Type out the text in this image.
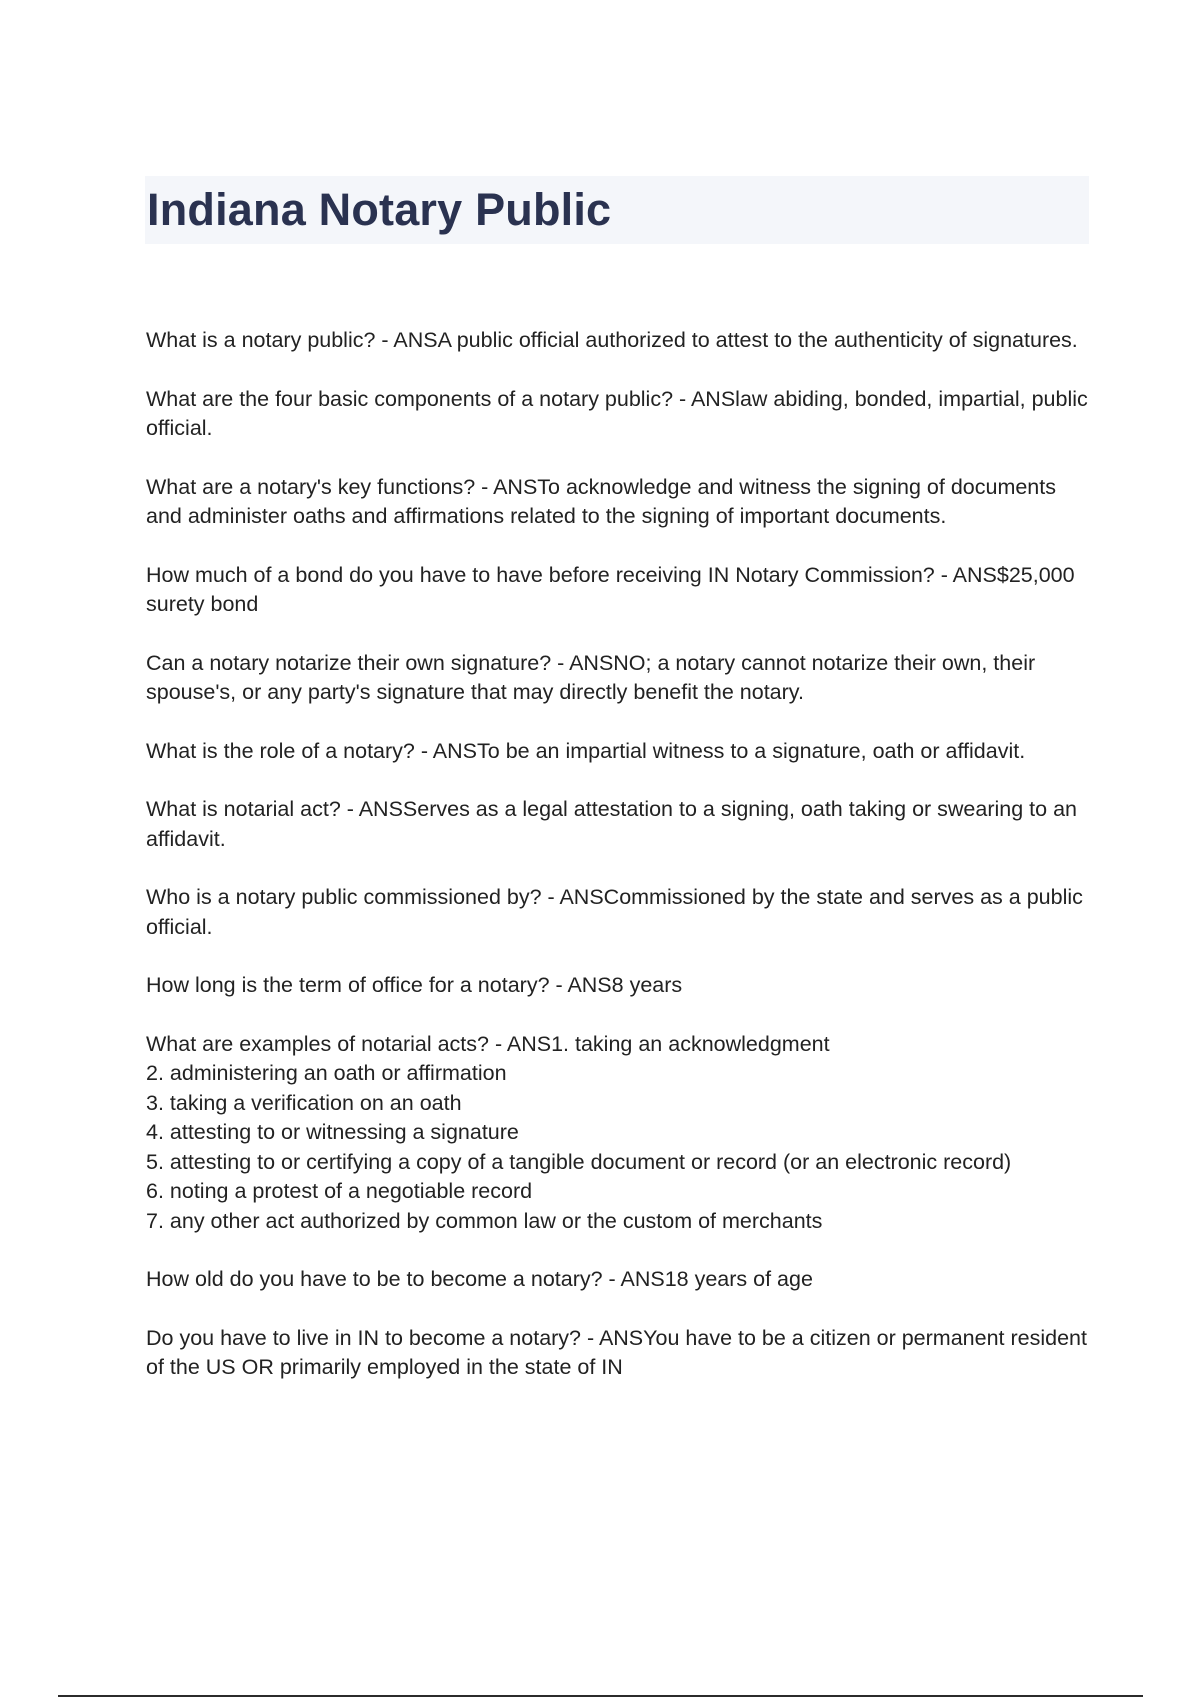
Indiana Notary Public
What is a notary public? - ANSA public official authorized to attest to the authenticity of signatures.
What are the four basic components of a notary public? - ANSlaw abiding, bonded, impartial, public official.
What are a notary's key functions? - ANSTo acknowledge and witness the signing of documents and administer oaths and affirmations related to the signing of important documents.
How much of a bond do you have to have before receiving IN Notary Commission? - ANS$25,000 surety bond
Can a notary notarize their own signature? - ANSNO; a notary cannot notarize their own, their spouse's, or any party's signature that may directly benefit the notary.
What is the role of a notary? - ANSTo be an impartial witness to a signature, oath or affidavit.
What is notarial act? - ANSServes as a legal attestation to a signing, oath taking or swearing to an affidavit.
Who is a notary public commissioned by? - ANSCommissioned by the state and serves as a public official.
How long is the term of office for a notary? - ANS8 years
What are examples of notarial acts? - ANS1. taking an acknowledgment
2. administering an oath or affirmation
3. taking a verification on an oath
4. attesting to or witnessing a signature
5. attesting to or certifying a copy of a tangible document or record (or an electronic record)
6. noting a protest of a negotiable record
7. any other act authorized by common law or the custom of merchants
How old do you have to be to become a notary? - ANS18 years of age
Do you have to live in IN to become a notary? - ANSYou have to be a citizen or permanent resident of the US OR primarily employed in the state of IN
